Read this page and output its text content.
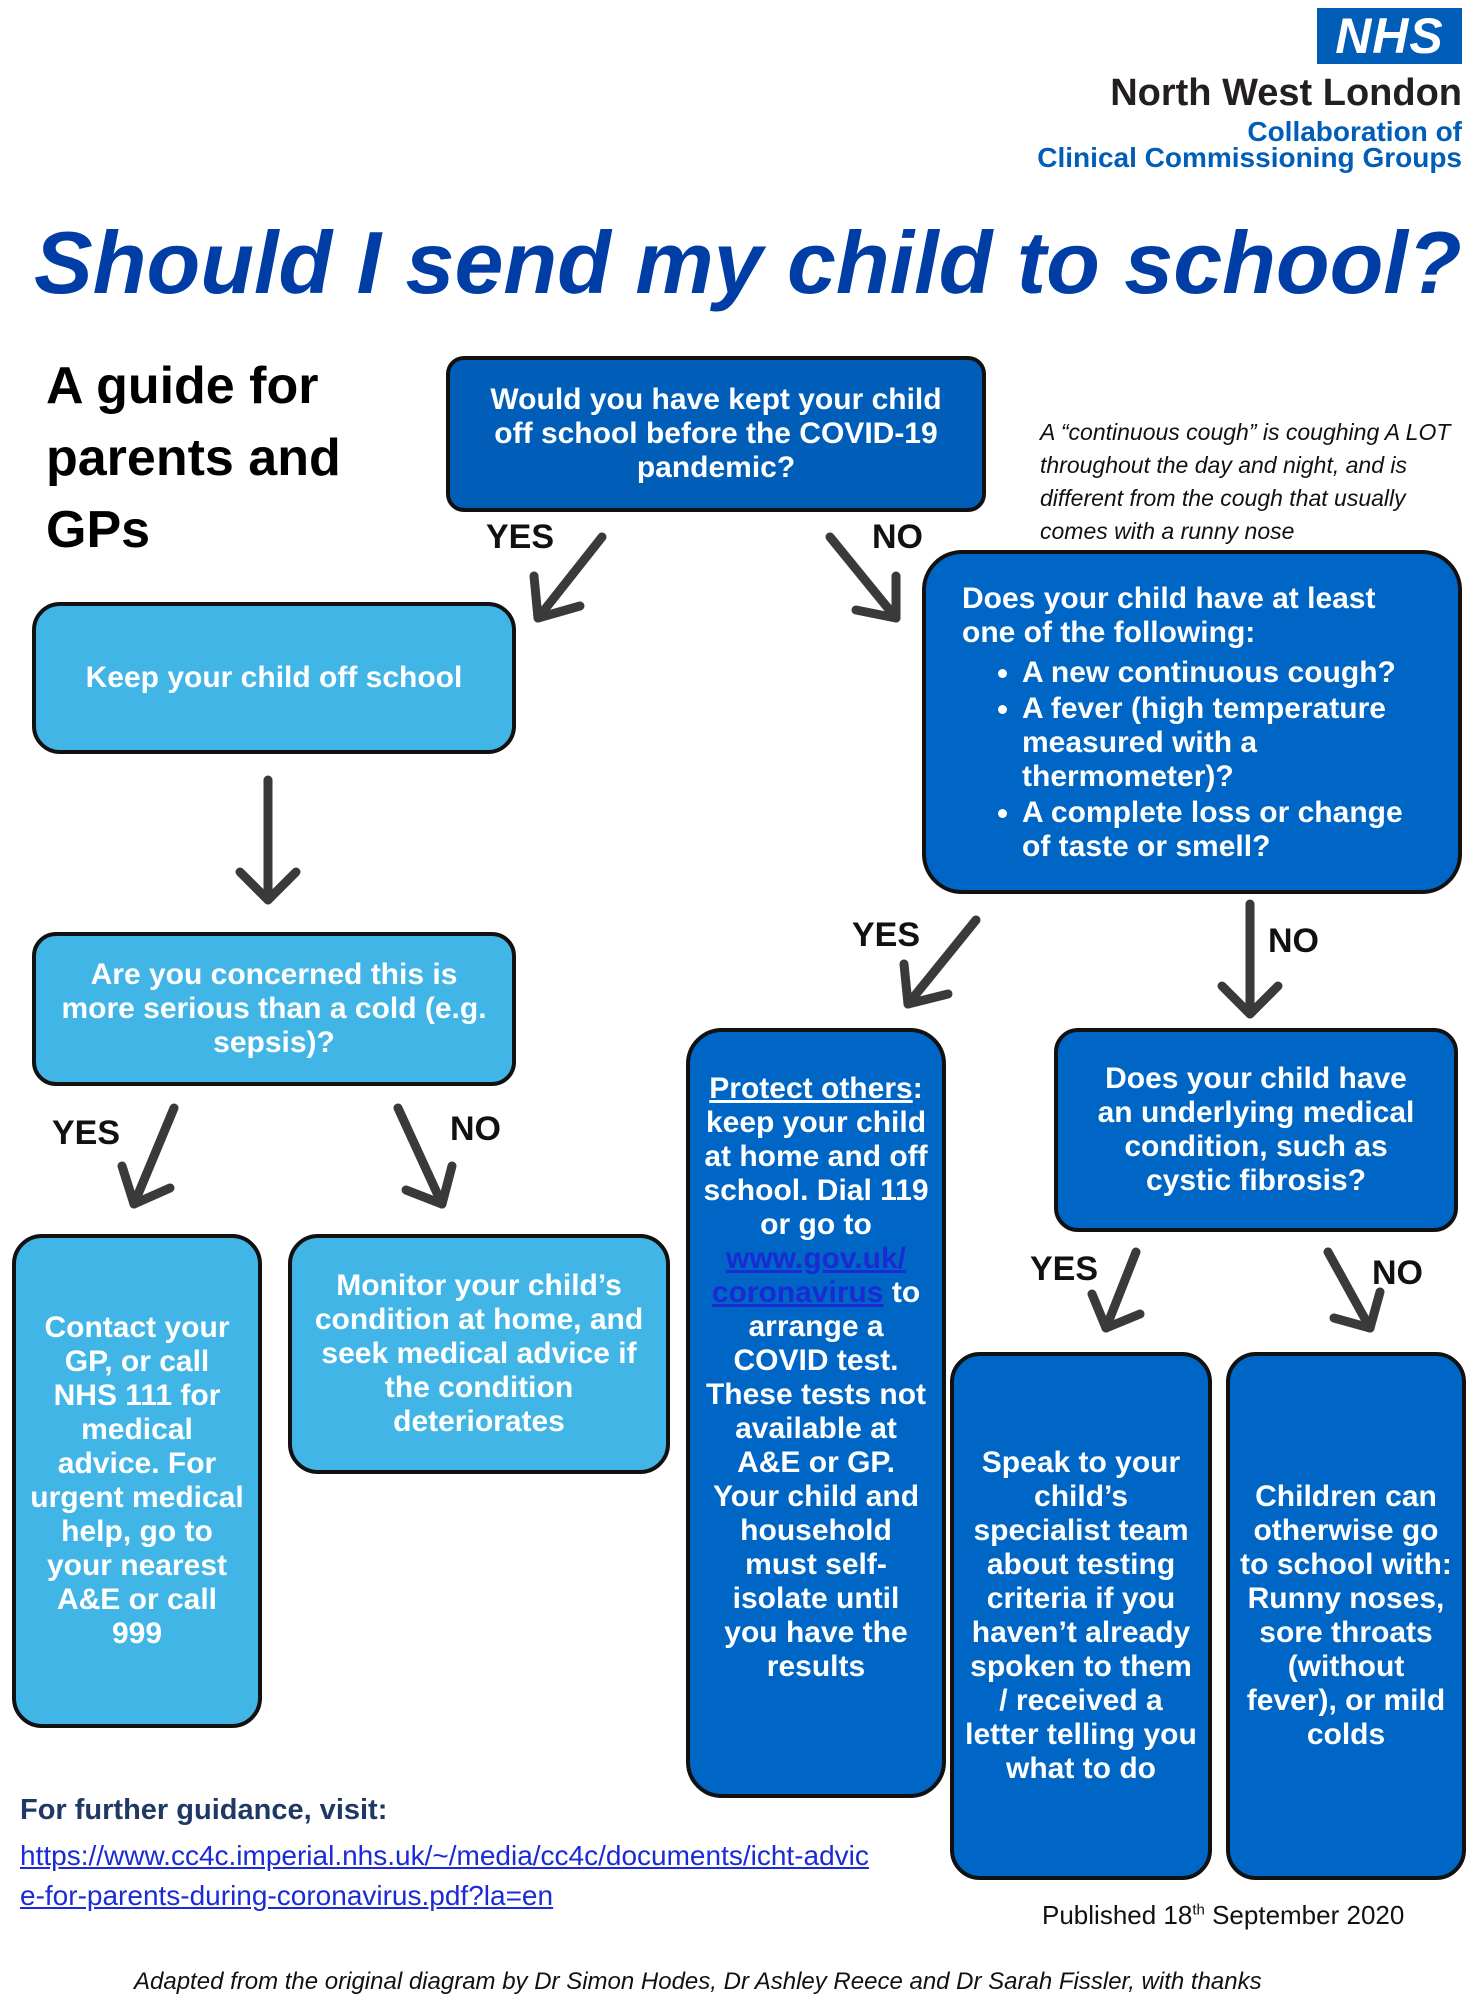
NHS
North West London
Collaboration of
Clinical Commissioning Groups
Should I send my child to school?
A guide for parents and GPs
A “continuous cough” is coughing A LOT throughout the day and night, and is different from the cough that usually comes with a runny nose
Would you have kept your child off school before the COVID-19 pandemic?
YES	NO
Keep your child off school
Are you concerned this is more serious than a cold (e.g. sepsis)?
YES	NO
Contact your GP, or call NHS 111 for medical advice. For urgent medical help, go to your nearest A&E or call 999
Monitor your child’s condition at home, and seek medical advice if the condition deteriorates
Does your child have at least one of the following:
• A new continuous cough?
• A fever (high temperature measured with a thermometer)?
• A complete loss or change of taste or smell?
YES	NO
Protect others: keep your child at home and off school. Dial 119 or go to www.gov.uk/ coronavirus to arrange a COVID test. These tests not available at A&E or GP. Your child and household must self-isolate until you have the results
Does your child have an underlying medical condition, such as cystic fibrosis?
YES	NO
Speak to your child’s specialist team about testing criteria if you haven’t already spoken to them / received a letter telling you what to do
Children can otherwise go to school with: Runny noses, sore throats (without fever), or mild colds
For further guidance, visit:
https://www.cc4c.imperial.nhs.uk/~/media/cc4c/documents/icht-advice-for-parents-during-coronavirus.pdf?la=en
Published 18th September 2020
Adapted from the original diagram by Dr Simon Hodes, Dr Ashley Reece and Dr Sarah Fissler, with thanks
